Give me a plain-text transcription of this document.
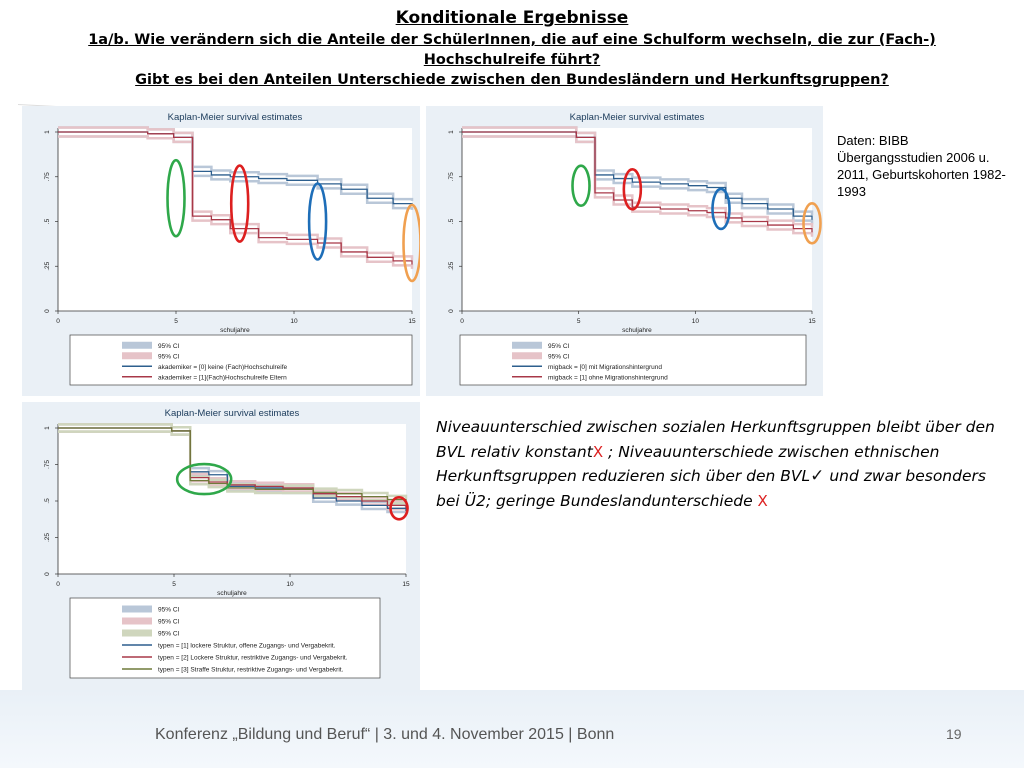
Konditionale Ergebnisse
1a/b. Wie verändern sich die Anteile der SchülerInnen, die auf eine Schulform wechseln, die zur (Fach-)
Hochschulreife führt?
Gibt es bei den Anteilen Unterschiede zwischen den Bundesländern und Herkunftsgruppen?
Kaplan-Meier survival estimates
0
.25
.5
.75
1
0	5	10	15
schuljahre
95% CI
95% CI
akademiker = [0] keine (Fach)Hochschulreife
akademiker = [1](Fach)Hochschulreife Eltern
Kaplan-Meier survival estimates
0
.25
.5
.75
1
0	5	10	15
schuljahre
95% CI
95% CI
migback = [0] mit Migrationshintergrund
migback = [1] ohne Migrationshintergrund
Kaplan-Meier survival estimates
0
.25
.5
.75
1
0	5	10	15
schuljahre
95% CI
95% CI
95% CI
typen = [1] lockere Struktur, offene Zugangs- und Vergabekrit.
typen = [2] Lockere Struktur, restriktive Zugangs- und Vergabekrit.
typen = [3] Straffe Struktur, restriktive Zugangs- und Vergabekrit.
Daten: BIBB Übergangsstudien 2006 u. 2011, Geburtskohorten 1982-1993
Niveauunterschied zwischen sozialen Herkunftsgruppen bleibt über den BVL relativ konstantX ; Niveauunterschiede zwischen ethnischen Herkunftsgruppen reduzieren sich über den BVL✓ und zwar besonders bei Ü2; geringe Bundeslandunterschiede X
Konferenz „Bildung und Beruf“ | 3. und 4. November 2015 | Bonn	19
